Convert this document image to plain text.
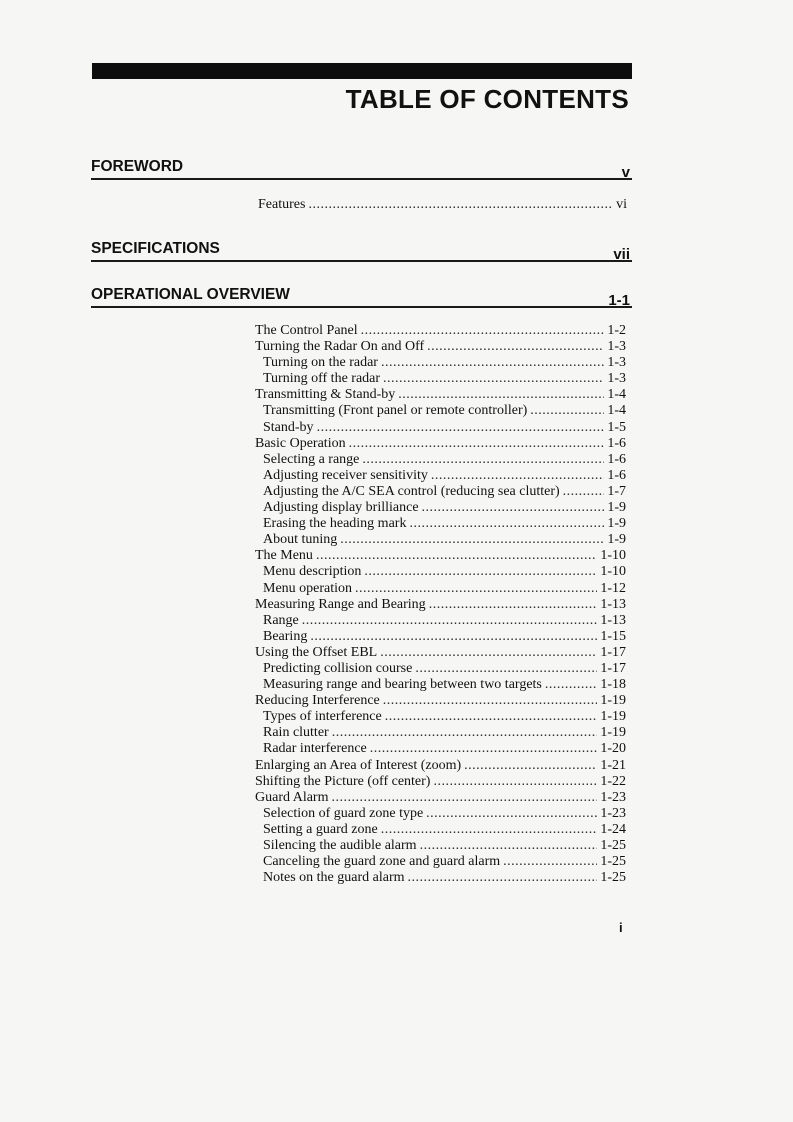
TABLE OF CONTENTS
FOREWORD	v
Features . . .	vi
SPECIFICATIONS	vii
OPERATIONAL OVERVIEW	1-1
The Control Panel . . .	1-2
Turning the Radar On and Off . . .	1-3
Turning on the radar . . .	1-3
Turning off the radar . . .	1-3
Transmitting & Stand-by . . .	1-4
Transmitting (Front panel or remote controller) . . .	1-4
Stand-by . . .	1-5
Basic Operation . . .	1-6
Selecting a range . . .	1-6
Adjusting receiver sensitivity . . .	1-6
Adjusting the A/C SEA control (reducing sea clutter) . . .	1-7
Adjusting display brilliance . . .	1-9
Erasing the heading mark . . .	1-9
About tuning . . .	1-9
The Menu . . .	1-10
Menu description . . .	1-10
Menu operation . . .	1-12
Measuring Range and Bearing . . .	1-13
Range . . .	1-13
Bearing . . .	1-15
Using the Offset EBL . . .	1-17
Predicting collision course . . .	1-17
Measuring range and bearing between two targets . . .	1-18
Reducing Interference . . .	1-19
Types of interference . . .	1-19
Rain clutter . . .	1-19
Radar interference . . .	1-20
Enlarging an Area of Interest (zoom) . . .	1-21
Shifting the Picture (off center) . . .	1-22
Guard Alarm . . .	1-23
Selection of guard zone type . . .	1-23
Setting a guard zone . . .	1-24
Silencing the audible alarm . . .	1-25
Canceling the guard zone and guard alarm . . .	1-25
Notes on the guard alarm . . .	1-25
i
